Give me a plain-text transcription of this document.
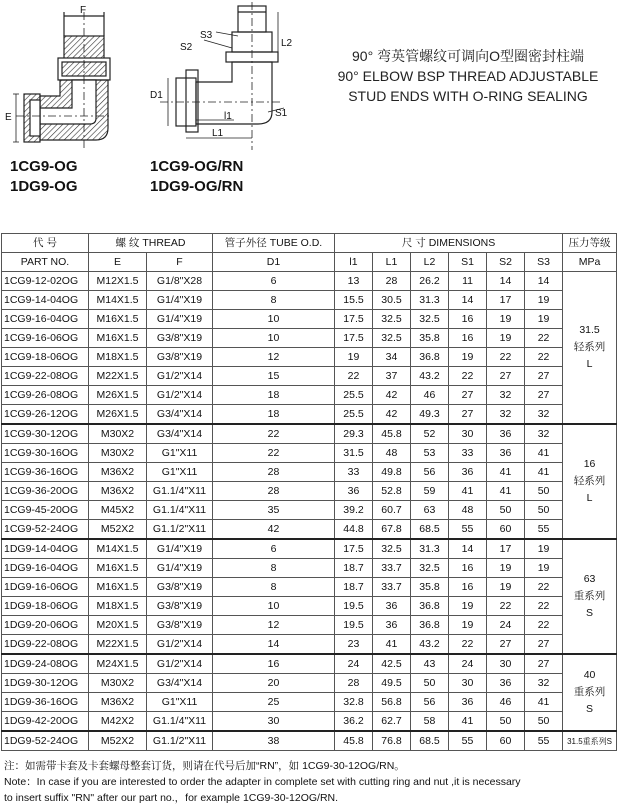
F
E
S3
S2	L2
D1
l1
L1
S1
1CG9-OG
1DG9-OG
1CG9-OG/RN
1DG9-OG/RN
90° 弯英管螺纹可调向O型圈密封柱端
90° ELBOW BSP THREAD ADJUSTABLE
STUD ENDS WITH O-RING SEALING
代 号	螺 纹 THREAD		管子外径 TUBE O.D.	尺 寸 DIMENSIONS						压力等级
PART NO.	E	F	D1	l1	L1	L2	S1	S2	S3	MPa
1CG9-12-02OG	M12X1.5	G1/8"X28	6	13	28	26.2	11	14	14	31.5
轻系列
L

1CG9-14-04OG	M14X1.5	G1/4"X19	8	15.5	30.5	31.3	14	17	19	
1CG9-16-04OG	M16X1.5	G1/4"X19	10	17.5	32.5	32.5	16	19	19	
1CG9-16-06OG	M16X1.5	G3/8"X19	10	17.5	32.5	35.8	16	19	22	
1CG9-18-06OG	M18X1.5	G3/8"X19	12	19	34	36.8	19	22	22	
1CG9-22-08OG	M22X1.5	G1/2"X14	15	22	37	43.2	22	27	27	
1CG9-26-08OG	M26X1.5	G1/2"X14	18	25.5	42	46	27	32	27	
1CG9-26-12OG	M26X1.5	G3/4"X14	18	25.5	42	49.3	27	32	32	
1CG9-30-12OG	M30X2	G3/4"X14	22	29.3	45.8	52	30	36	32	16
轻系列
L

1CG9-30-16OG	M30X2	G1"X11	22	31.5	48	53	33	36	41	
1CG9-36-16OG	M36X2	G1"X11	28	33	49.8	56	36	41	41	
1CG9-36-20OG	M36X2	G1.1/4"X11	28	36	52.8	59	41	41	50	
1CG9-45-20OG	M45X2	G1.1/4"X11	35	39.2	60.7	63	48	50	50	
1CG9-52-24OG	M52X2	G1.1/2"X11	42	44.8	67.8	68.5	55	60	55	
1DG9-14-04OG	M14X1.5	G1/4"X19	6	17.5	32.5	31.3	14	17	19	63
重系列
S

1DG9-16-04OG	M16X1.5	G1/4"X19	8	18.7	33.7	32.5	16	19	19	
1DG9-16-06OG	M16X1.5	G3/8"X19	8	18.7	33.7	35.8	16	19	22	
1DG9-18-06OG	M18X1.5	G3/8"X19	10	19.5	36	36.8	19	22	22	
1DG9-20-06OG	M20X1.5	G3/8"X19	12	19.5	36	36.8	19	24	22	
1DG9-22-08OG	M22X1.5	G1/2"X14	14	23	41	43.2	22	27	27	
1DG9-24-08OG	M24X1.5	G1/2"X14	16	24	42.5	43	24	30	27	40
重系列
S

1DG9-30-12OG	M30X2	G3/4"X14	20	28	49.5	50	30	36	32	
1DG9-36-16OG	M36X2	G1"X11	25	32.8	56.8	56	36	46	41	
1DG9-42-20OG	M42X2	G1.1/4"X11	30	36.2	62.7	58	41	50	50	
1DG9-52-24OG	M52X2	G1.1/2"X11	38	45.8	76.8	68.5	55	60	55	31.5重系列S
注：如需带卡套及卡套螺母整套订货，则请在代号后加“RN”，如 1CG9-30-12OG/RN。
Note：In case if you are interested to order the adapter in complete set with cutting ring and nut ,it is necessary
to insert suffix "RN" after our part no.，for example 1CG9-30-12OG/RN.
